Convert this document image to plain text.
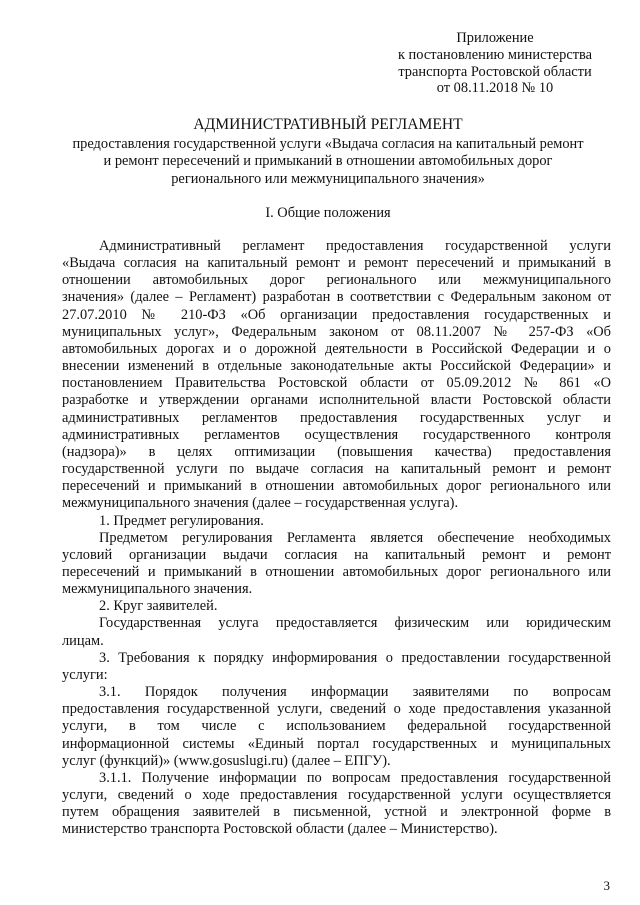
Приложение
к постановлению министерства
транспорта Ростовской области
от 08.11.2018 № 10
АДМИНИСТРАТИВНЫЙ РЕГЛАМЕНТ
предоставления государственной услуги «Выдача согласия на капитальный ремонт
и ремонт пересечений и примыканий в отношении автомобильных дорог
регионального или межмуниципального значения»
I. Общие положения

Административный регламент предоставления государственной услуги

«Выдача согласия на капитальный ремонт и ремонт пересечений и примыканий в

отношении автомобильных дорог регионального или межмуниципального

значения» (далее – Регламент) разработан в соответствии с Федеральным законом от

27.07.2010 № 210-ФЗ «Об организации предоставления государственных и

муниципальных услуг», Федеральным законом от 08.11.2007 № 257-ФЗ «Об

автомобильных дорогах и о дорожной деятельности в Российской Федерации и о

внесении изменений в отдельные законодательные акты Российской Федерации» и

постановлением Правительства Ростовской области от 05.09.2012 № 861 «О

разработке и утверждении органами исполнительной власти Ростовской области

административных регламентов предоставления государственных услуг и

административных регламентов осуществления государственного контроля

(надзора)» в целях оптимизации (повышения качества) предоставления

государственной услуги по выдаче согласия на капитальный ремонт и ремонт

пересечений и примыканий в отношении автомобильных дорог регионального или

межмуниципального значения (далее – государственная услуга).

1. Предмет регулирования.

Предметом регулирования Регламента является обеспечение необходимых

условий организации выдачи согласия на капитальный ремонт и ремонт

пересечений и примыканий в отношении автомобильных дорог регионального или

межмуниципального значения.

2. Круг заявителей.

Государственная услуга предоставляется физическим или юридическим

лицам.

3. Требования к порядку информирования о предоставлении государственной

услуги:

3.1. Порядок получения информации заявителями по вопросам

предоставления государственной услуги, сведений о ходе предоставления указанной

услуги, в том числе с использованием федеральной государственной

информационной системы «Единый портал государственных и муниципальных

услуг (функций)» (www.gosuslugi.ru) (далее – ЕПГУ).

3.1.1. Получение информации по вопросам предоставления государственной

услуги, сведений о ходе предоставления государственной услуги осуществляется

путем обращения заявителей в письменной, устной и электронной форме в

министерство транспорта Ростовской области (далее – Министерство).

3
